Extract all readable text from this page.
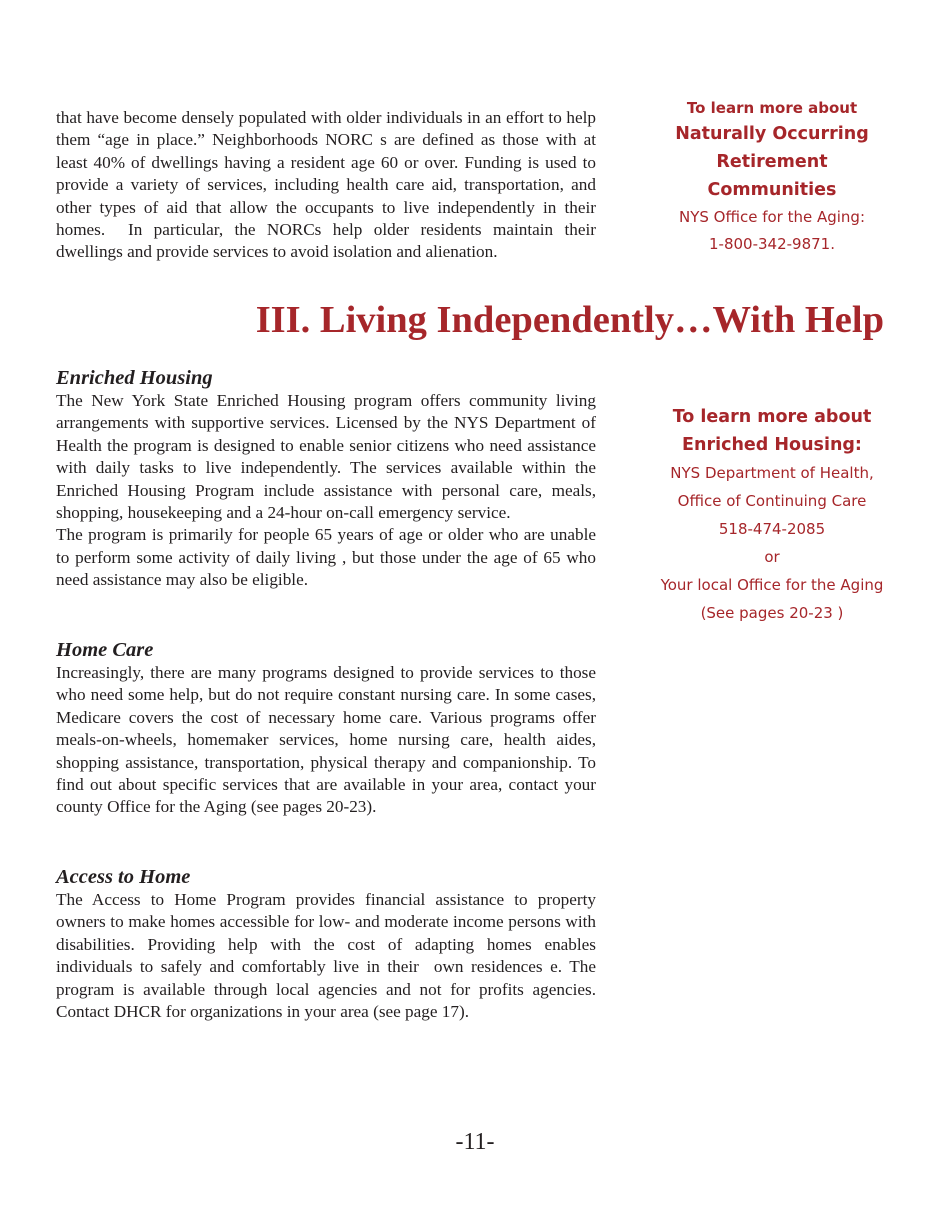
that have become densely populated with older individuals in an effort to help them “age in place.” Neighborhoods NORC s are defined as those with at least 40% of dwellings having a resident age 60 or over. Funding is used to provide a variety of services, including health care aid, transportation, and other types of aid that allow the occupants to live independently in their homes.  In particular, the NORCs help older residents maintain their dwellings and provide services to avoid isolation and alienation.

To learn more about
Naturally Occurring
Retirement Communities
NYS Office for the Aging:
1-800-342-9871.
III. Living Independently…With Help
Enriched Housing

The New York State Enriched Housing program offers community living arrangements with supportive services. Licensed by the NYS Department of Health the program is designed to enable senior citizens who need assistance with daily tasks to live independently. The services available within the Enriched Housing Program include assistance with personal care, meals, shopping, housekeeping and a 24-hour on-call emergency service.

The program is primarily for people 65 years of age or older who are unable to perform some activity of daily living , but those under the age of 65 who need assistance may also be eligible.

To learn more about
Enriched Housing:
NYS Department of Health,
Office of Continuing Care
518-474-2085
or
Your local Office for the Aging
(See pages 20-23 )
Home Care

Increasingly, there are many programs designed to provide services to those who need some help, but do not require constant nursing care. In some cases, Medicare covers the cost of necessary home care. Various programs offer meals-on-wheels, homemaker services, home nursing care, health aides, shopping assistance, transportation, physical therapy and companionship. To find out about specific services that are available in your area, contact your county Office for the Aging (see pages 20-23).

Access to Home

The Access to Home Program provides financial assistance to property owners to make homes accessible for low- and moderate income persons with disabilities. Providing help with the cost of adapting homes enables individuals to safely and comfortably live in their  own residences e. The program is available through local agencies and not for profits agencies. Contact DHCR for organizations in your area (see page 17).

-11-
